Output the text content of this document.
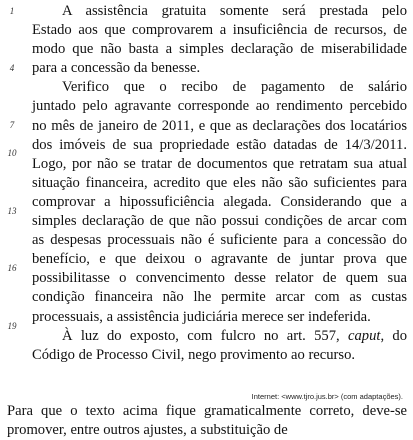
1
4
7
10
13
16
19
A assistência gratuita somente será prestada pelo
Estado aos que comprovarem a insuficiência de recursos, de
modo que não basta a simples declaração de miserabilidade
para a concessão da benesse.
Verifico que o recibo de pagamento de salário
juntado pelo agravante corresponde ao rendimento percebido
no mês de janeiro de 2011, e que as declarações dos locatários
dos imóveis de sua propriedade estão datadas de 14/3/2011.
Logo, por não se tratar de documentos que retratam sua atual
situação financeira, acredito que eles não são suficientes para
comprovar a hipossuficiência alegada. Considerando que a
simples declaração de que não possui condições de arcar com
as despesas processuais não é suficiente para a concessão do
benefício, e que deixou o agravante de juntar prova que
possibilitasse o convencimento desse relator de quem sua
condição financeira não lhe permite arcar com as custas
processuais, a assistência judiciária merece ser indeferida.
À luz do exposto, com fulcro no art. 557, caput, do
Código de Processo Civil, nego provimento ao recurso.
Internet: <www.tjro.jus.br> (com adaptações).
Para que o texto acima fique gramaticalmente correto, deve-se
promover, entre outros ajustes, a substituição de
